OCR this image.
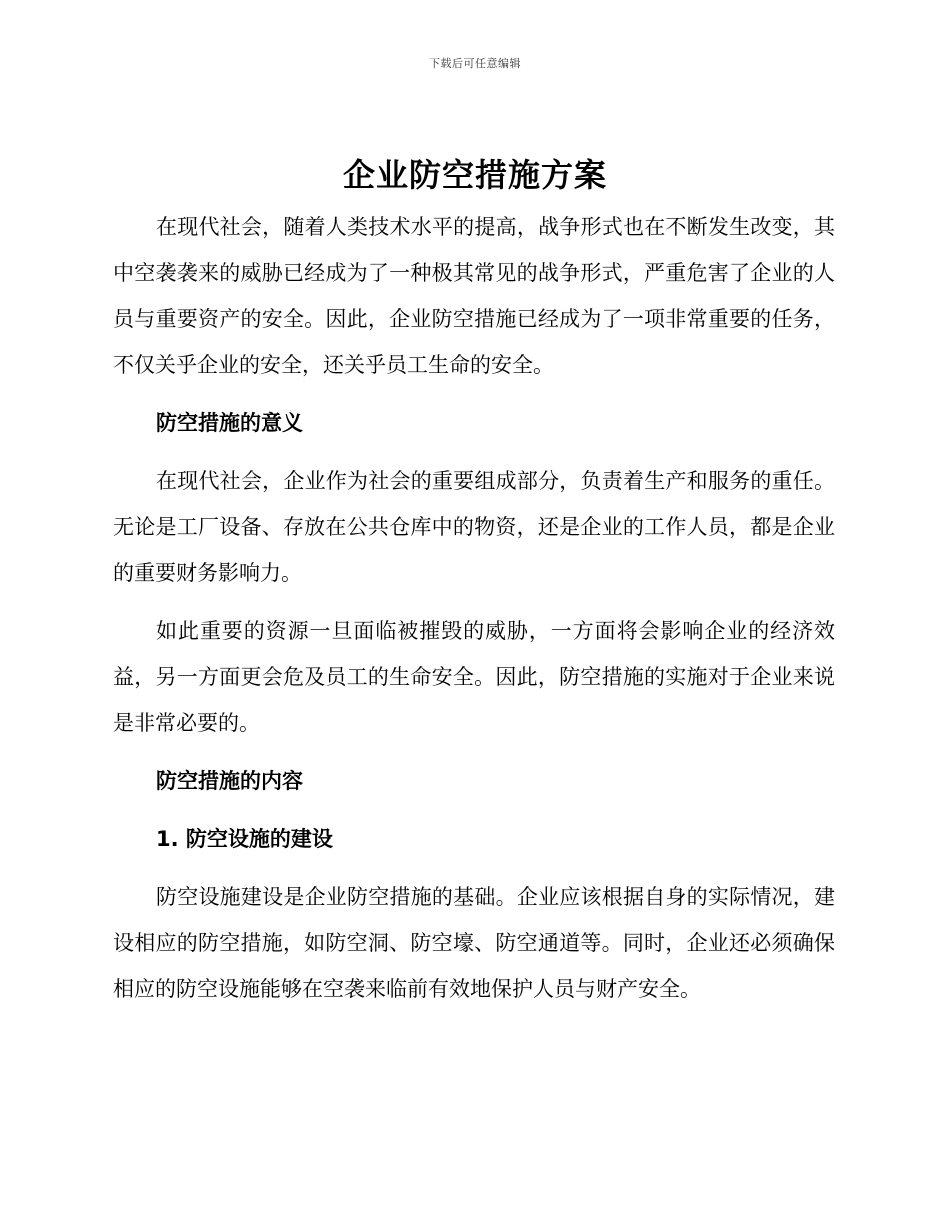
下载后可任意编辑
企业防空措施方案

在现代社会，随着人类技术水平的提高，战争形式也在不断发生改变，其中空袭袭来的威胁已经成为了一种极其常见的战争形式，严重危害了企业的人员与重要资产的安全。因此，企业防空措施已经成为了一项非常重要的任务，不仅关乎企业的安全，还关乎员工生命的安全。

防空措施的意义

在现代社会，企业作为社会的重要组成部分，负责着生产和服务的重任。无论是工厂设备、存放在公共仓库中的物资，还是企业的工作人员，都是企业的重要财务影响力。

如此重要的资源一旦面临被摧毁的威胁，一方面将会影响企业的经济效益，另一方面更会危及员工的生命安全。因此，防空措施的实施对于企业来说是非常必要的。

防空措施的内容

1. 防空设施的建设

防空设施建设是企业防空措施的基础。企业应该根据自身的实际情况，建设相应的防空措施，如防空洞、防空壕、防空通道等。同时，企业还必须确保相应的防空设施能够在空袭来临前有效地保护人员与财产安全。
